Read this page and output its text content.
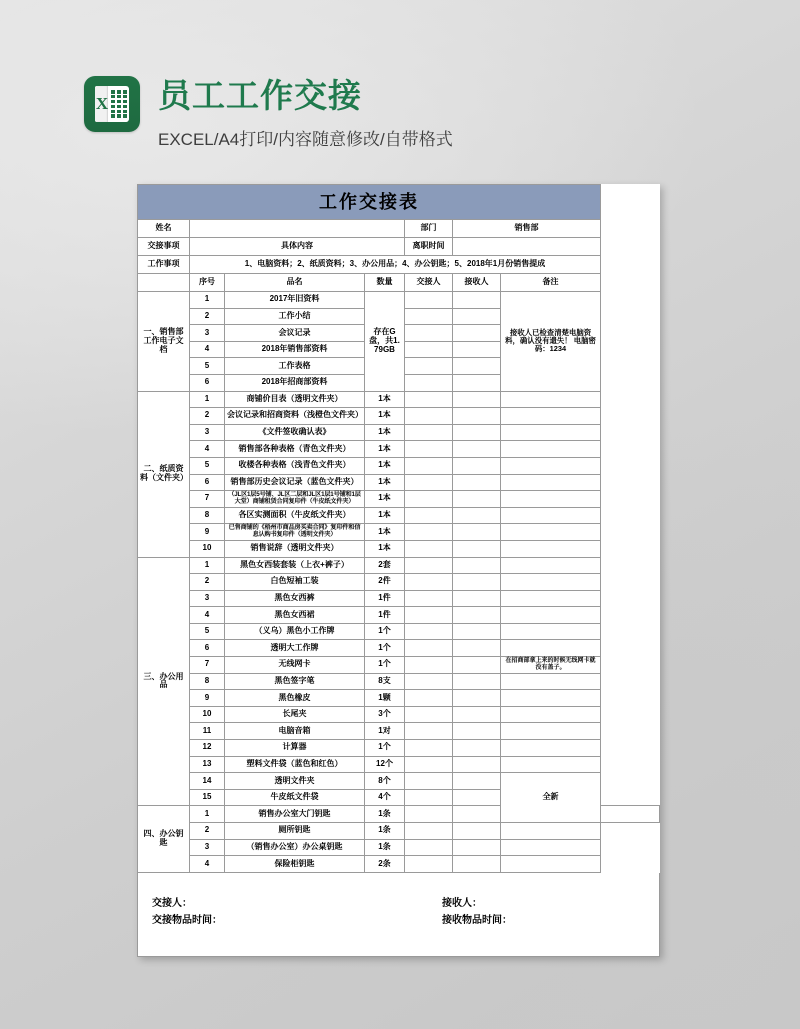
X 员工工作交接
EXCEL/A4打印/内容随意修改/自带格式
工作交接表							
姓名				部门	销售部		
交接事项	具体内容			离职时间			
工作事项	1、电脑资料；2、纸质资料；3、办公用品；4、办公钥匙；5、2018年1月份销售提成						
	序号	品名	数量	交接人	接收人	备注	
一、销售部工作电子文档	1	2017年旧资料	存在G盘，共1.79GB			接收人已检查清楚电脑资料，确认没有遗失！ 电脑密码：1234	
	2	工作小结					
	3	会议记录					
	4	2018年销售部资料					
	5	工作表格					
	6	2018年招商部资料					
二、纸质资料（文件夹）	1	商铺价目表（透明文件夹）	1本				
	2	会议记录和招商资料（浅橙色文件夹）	1本				
	3	《文件签收确认表》	1本				
	4	销售部各种表格（青色文件夹）	1本				
	5	收楼各种表格（浅青色文件夹）	1本				
	6	销售部历史会议记录（蓝色文件夹）	1本				
	7	（JL区1层5号铺、JL区二层和JL区1层1号铺和1层大堂）商铺租赁合同复印件（牛皮纸文件夹）	1本				
	8	各区实测面积（牛皮纸文件夹）	1本				
	9	已售商铺的《梧州市商品房买卖合同》复印件和信息认购书复印件（透明文件夹）	1本				
	10	销售说辞（透明文件夹）	1本				
三、办公用品	1	黑色女西装套装（上衣+裤子）	2套				
	2	白色短袖工装	2件				
	3	黑色女西裤	1件				
	4	黑色女西裙	1件				
	5	（义乌）黑色小工作牌	1个				
	6	透明大工作牌	1个				
	7	无线网卡	1个			在招商部拿上来的时候无线网卡就没有盖子。	
	8	黑色签字笔	8支				
	9	黑色橡皮	1颗				
	10	长尾夹	3个				
	11	电脑音箱	1对				
	12	计算器	1个				
	13	塑料文件袋（蓝色和红色）	12个				
	14	透明文件夹	8个			全新	
	15	牛皮纸文件袋	4个				
四、办公钥匙	1	销售办公室大门钥匙	1条				
	2	厕所钥匙	1条				
	3	（销售办公室）办公桌钥匙	1条				
	4	保险柜钥匙	2条				
交接人：
交接物品时间：
接收人：
接收物品时间：
